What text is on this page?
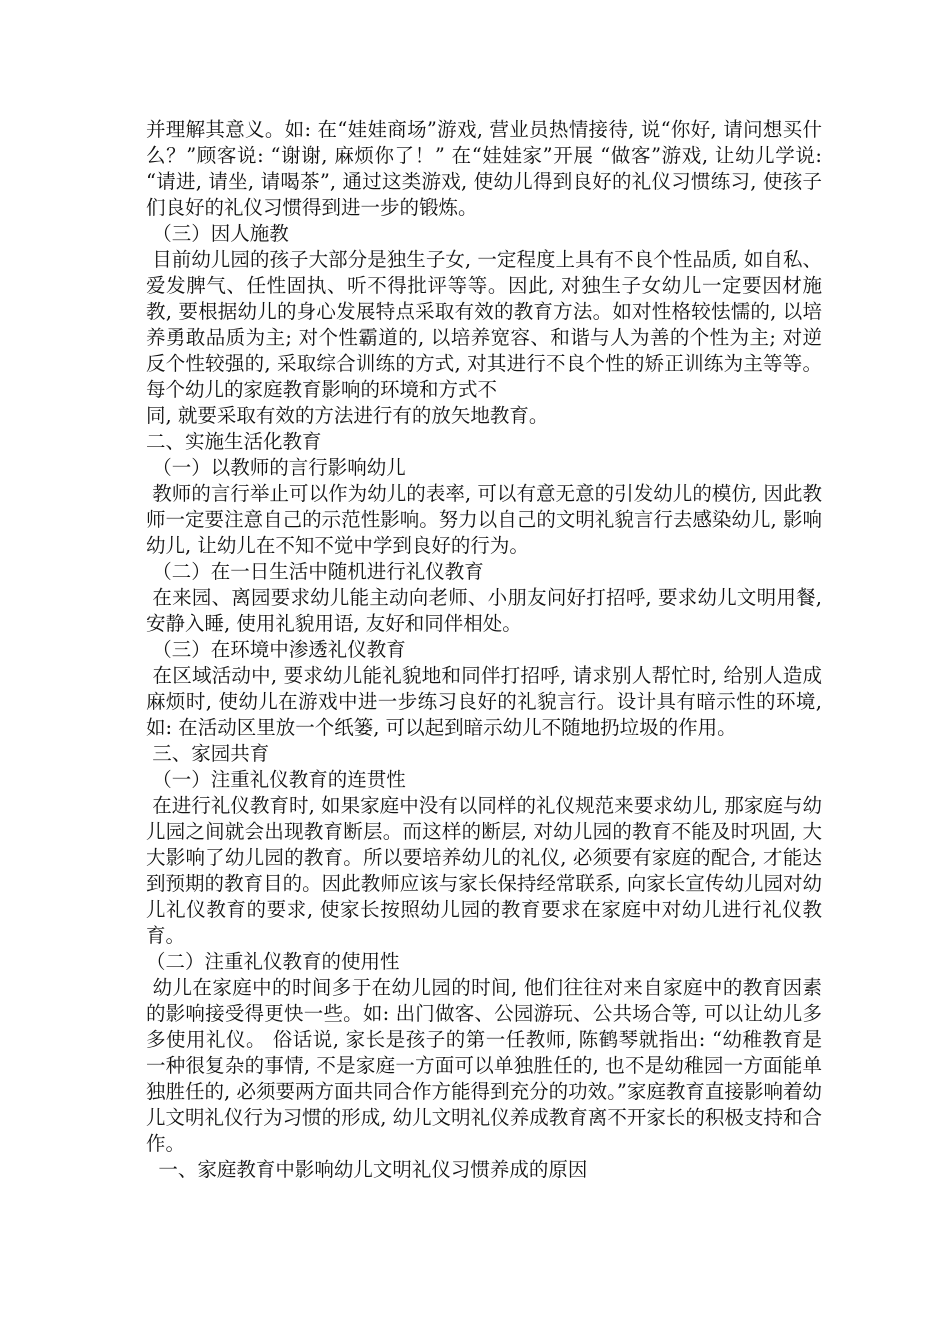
并理解其意义。如: 在“娃娃商场”游戏, 营业员热情接待, 说“你好, 请问想买什么？”顾客说: “谢谢, 麻烦你了！” 在“娃娃家”开展 “做客”游戏, 让幼儿学说: “请进, 请坐, 请喝茶”, 通过这类游戏, 使幼儿得到良好的礼仪习惯练习, 使孩子们良好的礼仪习惯得到进一步的锻炼。

（三）因人施教

目前幼儿园的孩子大部分是独生子女, 一定程度上具有不良个性品质, 如自私、爱发脾气、任性固执、听不得批评等等。因此, 对独生子女幼儿一定要因材施教, 要根据幼儿的身心发展特点采取有效的教育方法。如对性格较怯懦的, 以培养勇敢品质为主; 对个性霸道的, 以培养宽容、和谐与人为善的个性为主; 对逆反个性较强的, 采取综合训练的方式, 对其进行不良个性的矫正训练为主等等。每个幼儿的家庭教育影响的环境和方式不

同, 就要采取有效的方法进行有的放矢地教育。

二、实施生活化教育

（一）以教师的言行影响幼儿

教师的言行举止可以作为幼儿的表率, 可以有意无意的引发幼儿的模仿, 因此教师一定要注意自己的示范性影响。努力以自己的文明礼貌言行去感染幼儿, 影响幼儿, 让幼儿在不知不觉中学到良好的行为。

（二）在一日生活中随机进行礼仪教育

在来园、离园要求幼儿能主动向老师、小朋友问好打招呼, 要求幼儿文明用餐, 安静入睡, 使用礼貌用语, 友好和同伴相处。

（三）在环境中渗透礼仪教育

在区域活动中, 要求幼儿能礼貌地和同伴打招呼, 请求别人帮忙时, 给别人造成麻烦时, 使幼儿在游戏中进一步练习良好的礼貌言行。设计具有暗示性的环境, 如: 在活动区里放一个纸篓, 可以起到暗示幼儿不随地扔垃圾的作用。

三、家园共育

（一）注重礼仪教育的连贯性

在进行礼仪教育时, 如果家庭中没有以同样的礼仪规范来要求幼儿, 那家庭与幼儿园之间就会出现教育断层。而这样的断层, 对幼儿园的教育不能及时巩固, 大大影响了幼儿园的教育。所以要培养幼儿的礼仪, 必须要有家庭的配合, 才能达到预期的教育目的。因此教师应该与家长保持经常联系, 向家长宣传幼儿园对幼儿礼仪教育的要求, 使家长按照幼儿园的教育要求在家庭中对幼儿进行礼仪教育。

（二）注重礼仪教育的使用性

幼儿在家庭中的时间多于在幼儿园的时间, 他们往往对来自家庭中的教育因素的影响接受得更快一些。如: 出门做客、公园游玩、公共场合等, 可以让幼儿多多使用礼仪。 俗话说, 家长是孩子的第一任教师, 陈鹤琴就指出: “幼稚教育是一种很复杂的事情, 不是家庭一方面可以单独胜任的, 也不是幼稚园一方面能单独胜任的, 必须要两方面共同合作方能得到充分的功效。”家庭教育直接影响着幼儿文明礼仪行为习惯的形成, 幼儿文明礼仪养成教育离不开家长的积极支持和合作。

一、家庭教育中影响幼儿文明礼仪习惯养成的原因
